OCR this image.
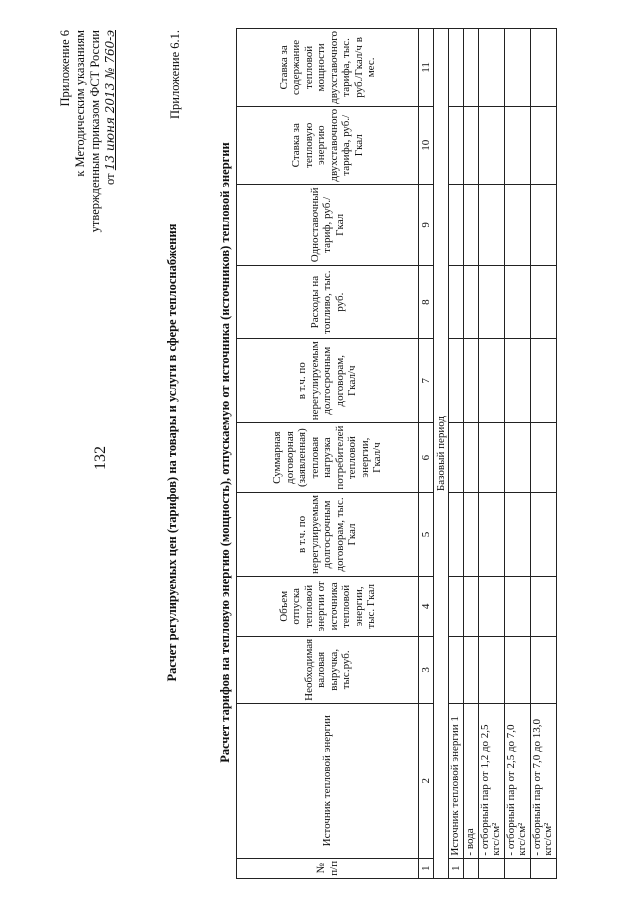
Приложение 6 к Методическим указаниям утвержденным приказом ФСТ России от 13 июня 2013 № 760-э	Приложение 6.1.
Расчет регулируемых цен (тарифов) на товары и услуги в сфере теплоснабжения	Расчет тарифов на тепловую энергию (мощность), отпускаемую от источника (источников) тепловой энергии
№ п/п	Источник тепловой энергии	Необходимая валовая выручка, тыс.руб.	Объем отпуска тепловой энергии от источника тепловой энергии, тыс. Гкал	в т.ч. по нерегулируемым долгосрочным договорам, тыс. Гкал	Суммарная договорная (заявленная) тепловая нагрузка потребителей тепловой энергии, Гкал/ч	в т.ч. по нерегулируемым долгосрочным договорам, Гкал/ч	Расходы на топливо, тыс. руб.	Одноставочный тариф, руб./Гкал	Ставка за тепловую энергию двухставочного тарифа, руб./Гкал	Ставка за содержание тепловой мощности двухставочного тарифа, тыс. руб./Гкал/ч в мес.
1	2	3	4	5	6	7	8	9	10	11
Базовый период										
1	Источник тепловой энергии 1									
	- вода									
	- отборный пар от 1,2 до 2,5 кгс/см²									
	- отборный пар от 2,5 до 7,0 кгс/см²									
	- отборный пар от 7,0 до 13,0 кгс/см²									
132
